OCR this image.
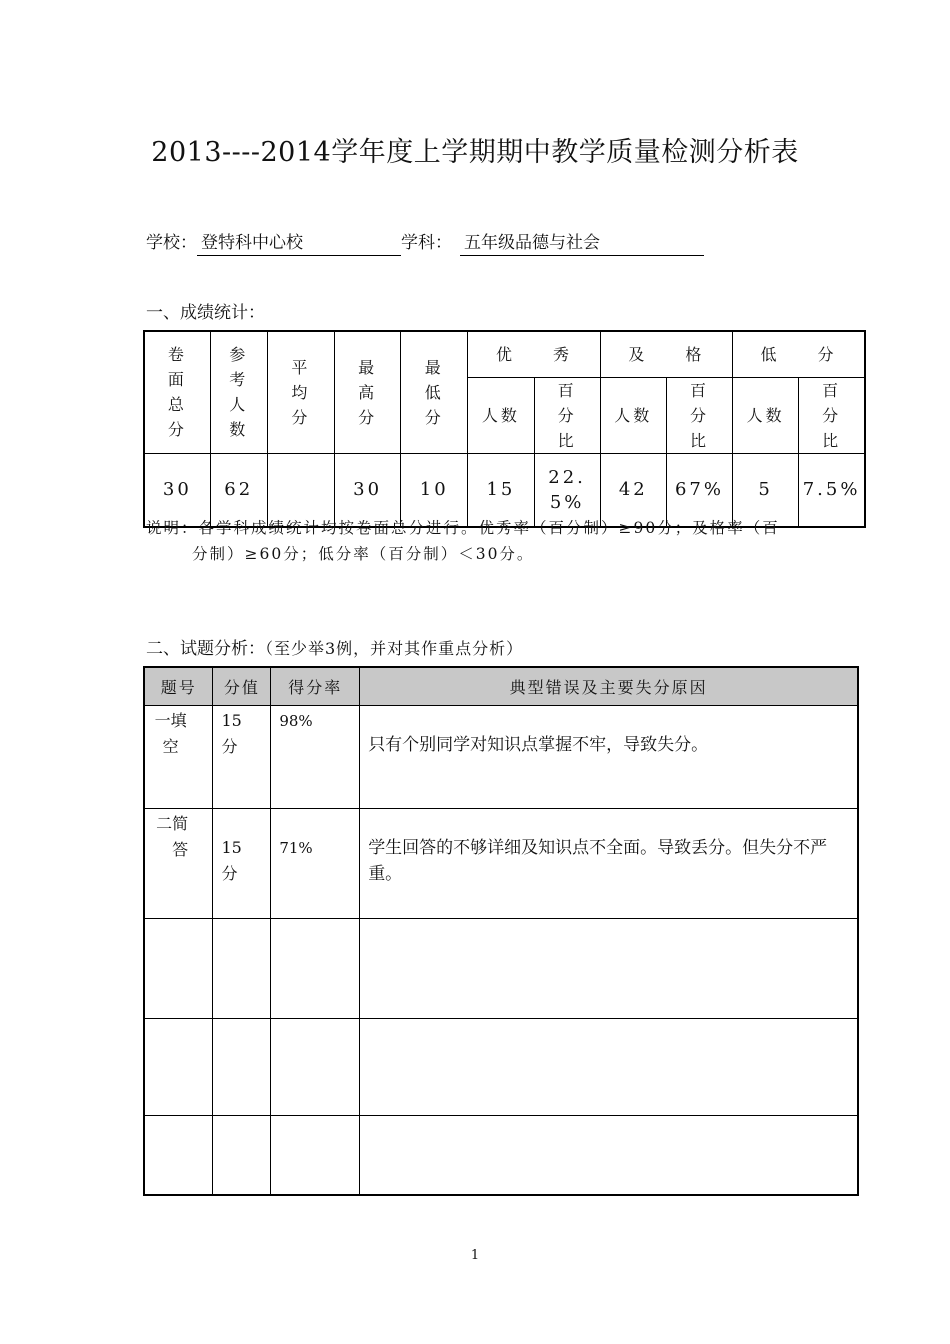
2013----2014学年度上学期期中教学质量检测分析表
学校： 登特科中心校	学科： 五年级品德与社会
一、成绩统计：
卷面总分	参考人数	平均分	最高分	最低分	优　　秀		及　　格		低　　分	
					人数	百分比	人数	百分比	人数	百分比

30	62		30	10	15	22.5%	42	67%	5	7.5%
说明：各学科成绩统计均按卷面总分进行。优秀率（百分制）≥90分；及格率（百
分制）≥60分；低分率（百分制）＜30分。
二、试题分析：（至少举3例，并对其作重点分析）
题号	分值	得分率	典型错误及主要失分原因

一填空	15分	98%	只有个别同学对知识点掌握不牢，导致失分。

二简答	15分	71%	学生回答的不够详细及知识点不全面。导致丢分。但失分不严重。

1
